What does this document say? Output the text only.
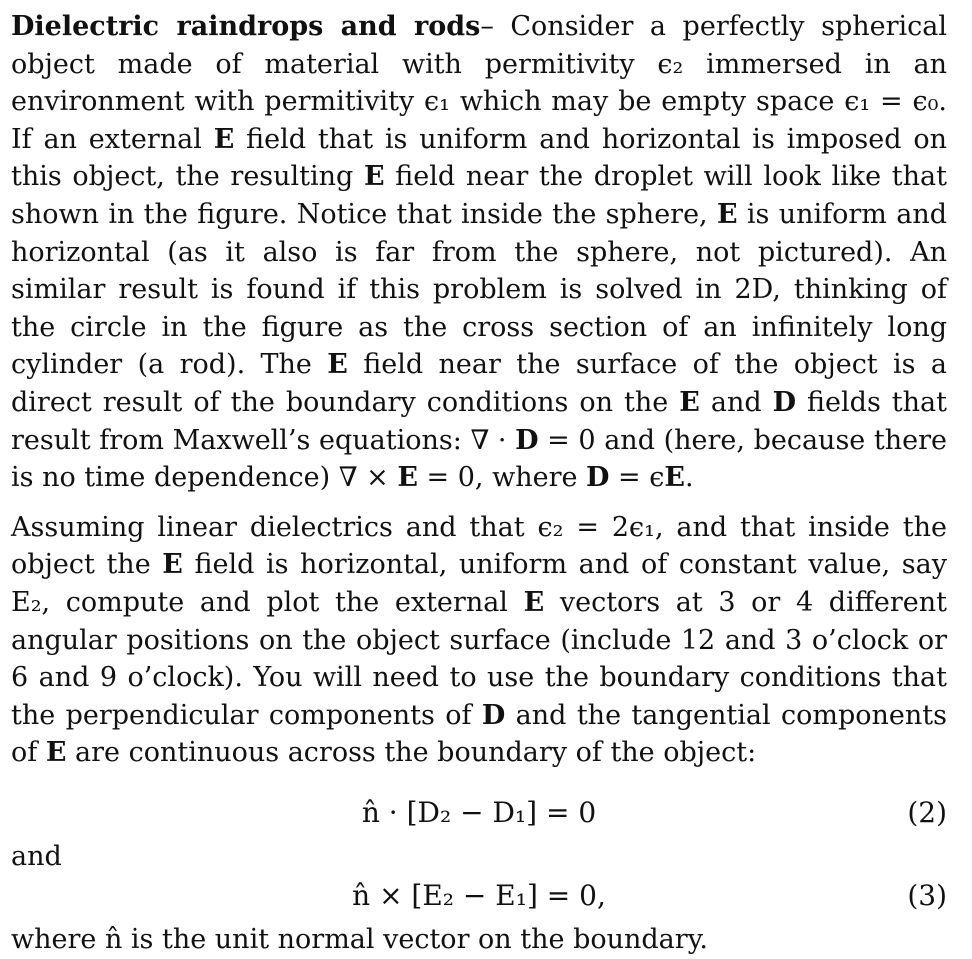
Dielectric raindrops and rods– Consider a perfectly spherical object made of material with permitivity ϵ₂ immersed in an environment with permitivity ϵ₁ which may be empty space ϵ₁ = ϵ₀. If an external E field that is uniform and horizontal is imposed on this object, the resulting E field near the droplet will look like that shown in the figure. Notice that inside the sphere, E is uniform and horizontal (as it also is far from the sphere, not pictured). An similar result is found if this problem is solved in 2D, thinking of the circle in the figure as the cross section of an infinitely long cylinder (a rod). The E field near the surface of the object is a direct result of the boundary conditions on the E and D fields that result from Maxwell’s equations: ∇ · D = 0 and (here, because there is no time dependence) ∇ × E = 0, where D = ϵE.

Assuming linear dielectrics and that ϵ₂ = 2ϵ₁, and that inside the object the E field is horizontal, uniform and of constant value, say E₂, compute and plot the external E vectors at 3 or 4 different angular positions on the object surface (include 12 and 3 o’clock or 6 and 9 o’clock). You will need to use the boundary conditions that the perpendicular components of D and the tangential components of E are continuous across the boundary of the object:

n̂ · [D₂ − D₁] = 0	(2)

and

n̂ × [E₂ − E₁] = 0,	(3)

where n̂ is the unit normal vector on the boundary.
